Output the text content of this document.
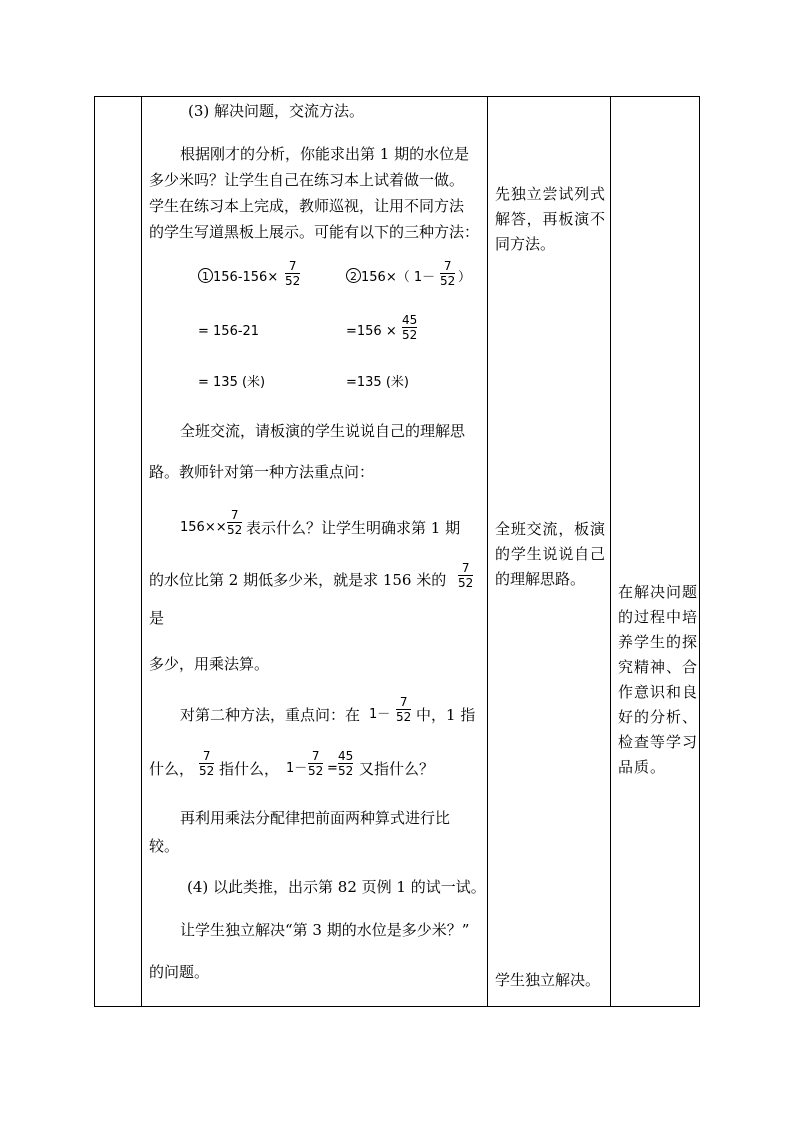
(3) 解决问题，交流方法。
根据刚才的分析，你能求出第 1 期的水位是
多少米吗？让学生自己在练习本上试着做一做。
学生在练习本上完成，教师巡视，让用不同方法
的学生写道黑板上展示。可能有以下的三种方法：
1 $156-156\times \frac{7}{52}$
= 156-21
= 135 (米)
2 156×（ $1- \frac{7}{52}$ ）
$=156 \times \frac{45}{52}$
=135 (米)
全班交流，请板演的学生说说自己的理解思
路。教师针对第一种方法重点问：
$156\times\times \frac{7}{52}$ 表示什么？让学生明确求第 1 期
的水位比第 2 期低多少米，就是求 156 米的 $\frac{7}{52}$
是
多少，用乘法算。
对第二种方法，重点问：在 $1- \frac{7}{52}$ 中，1 指
什么， $\frac{7}{52}$ 指什么， $1- \frac{7}{52} = \frac{45}{52}$ 又指什么？
再利用乘法分配律把前面两种算式进行比
较。
(4) 以此类推，出示第 82 页例 1 的试一试。
让学生独立解决“第 3 期的水位是多少米？”
的问题。
先独立尝试列式解答，再板演不同方法。
全班交流，板演的学生说说自己的理解思路。
学生独立解决。
在解决问题的过程中培养学生的探究精神、合作意识和良好的分析、检查等学习品质。
